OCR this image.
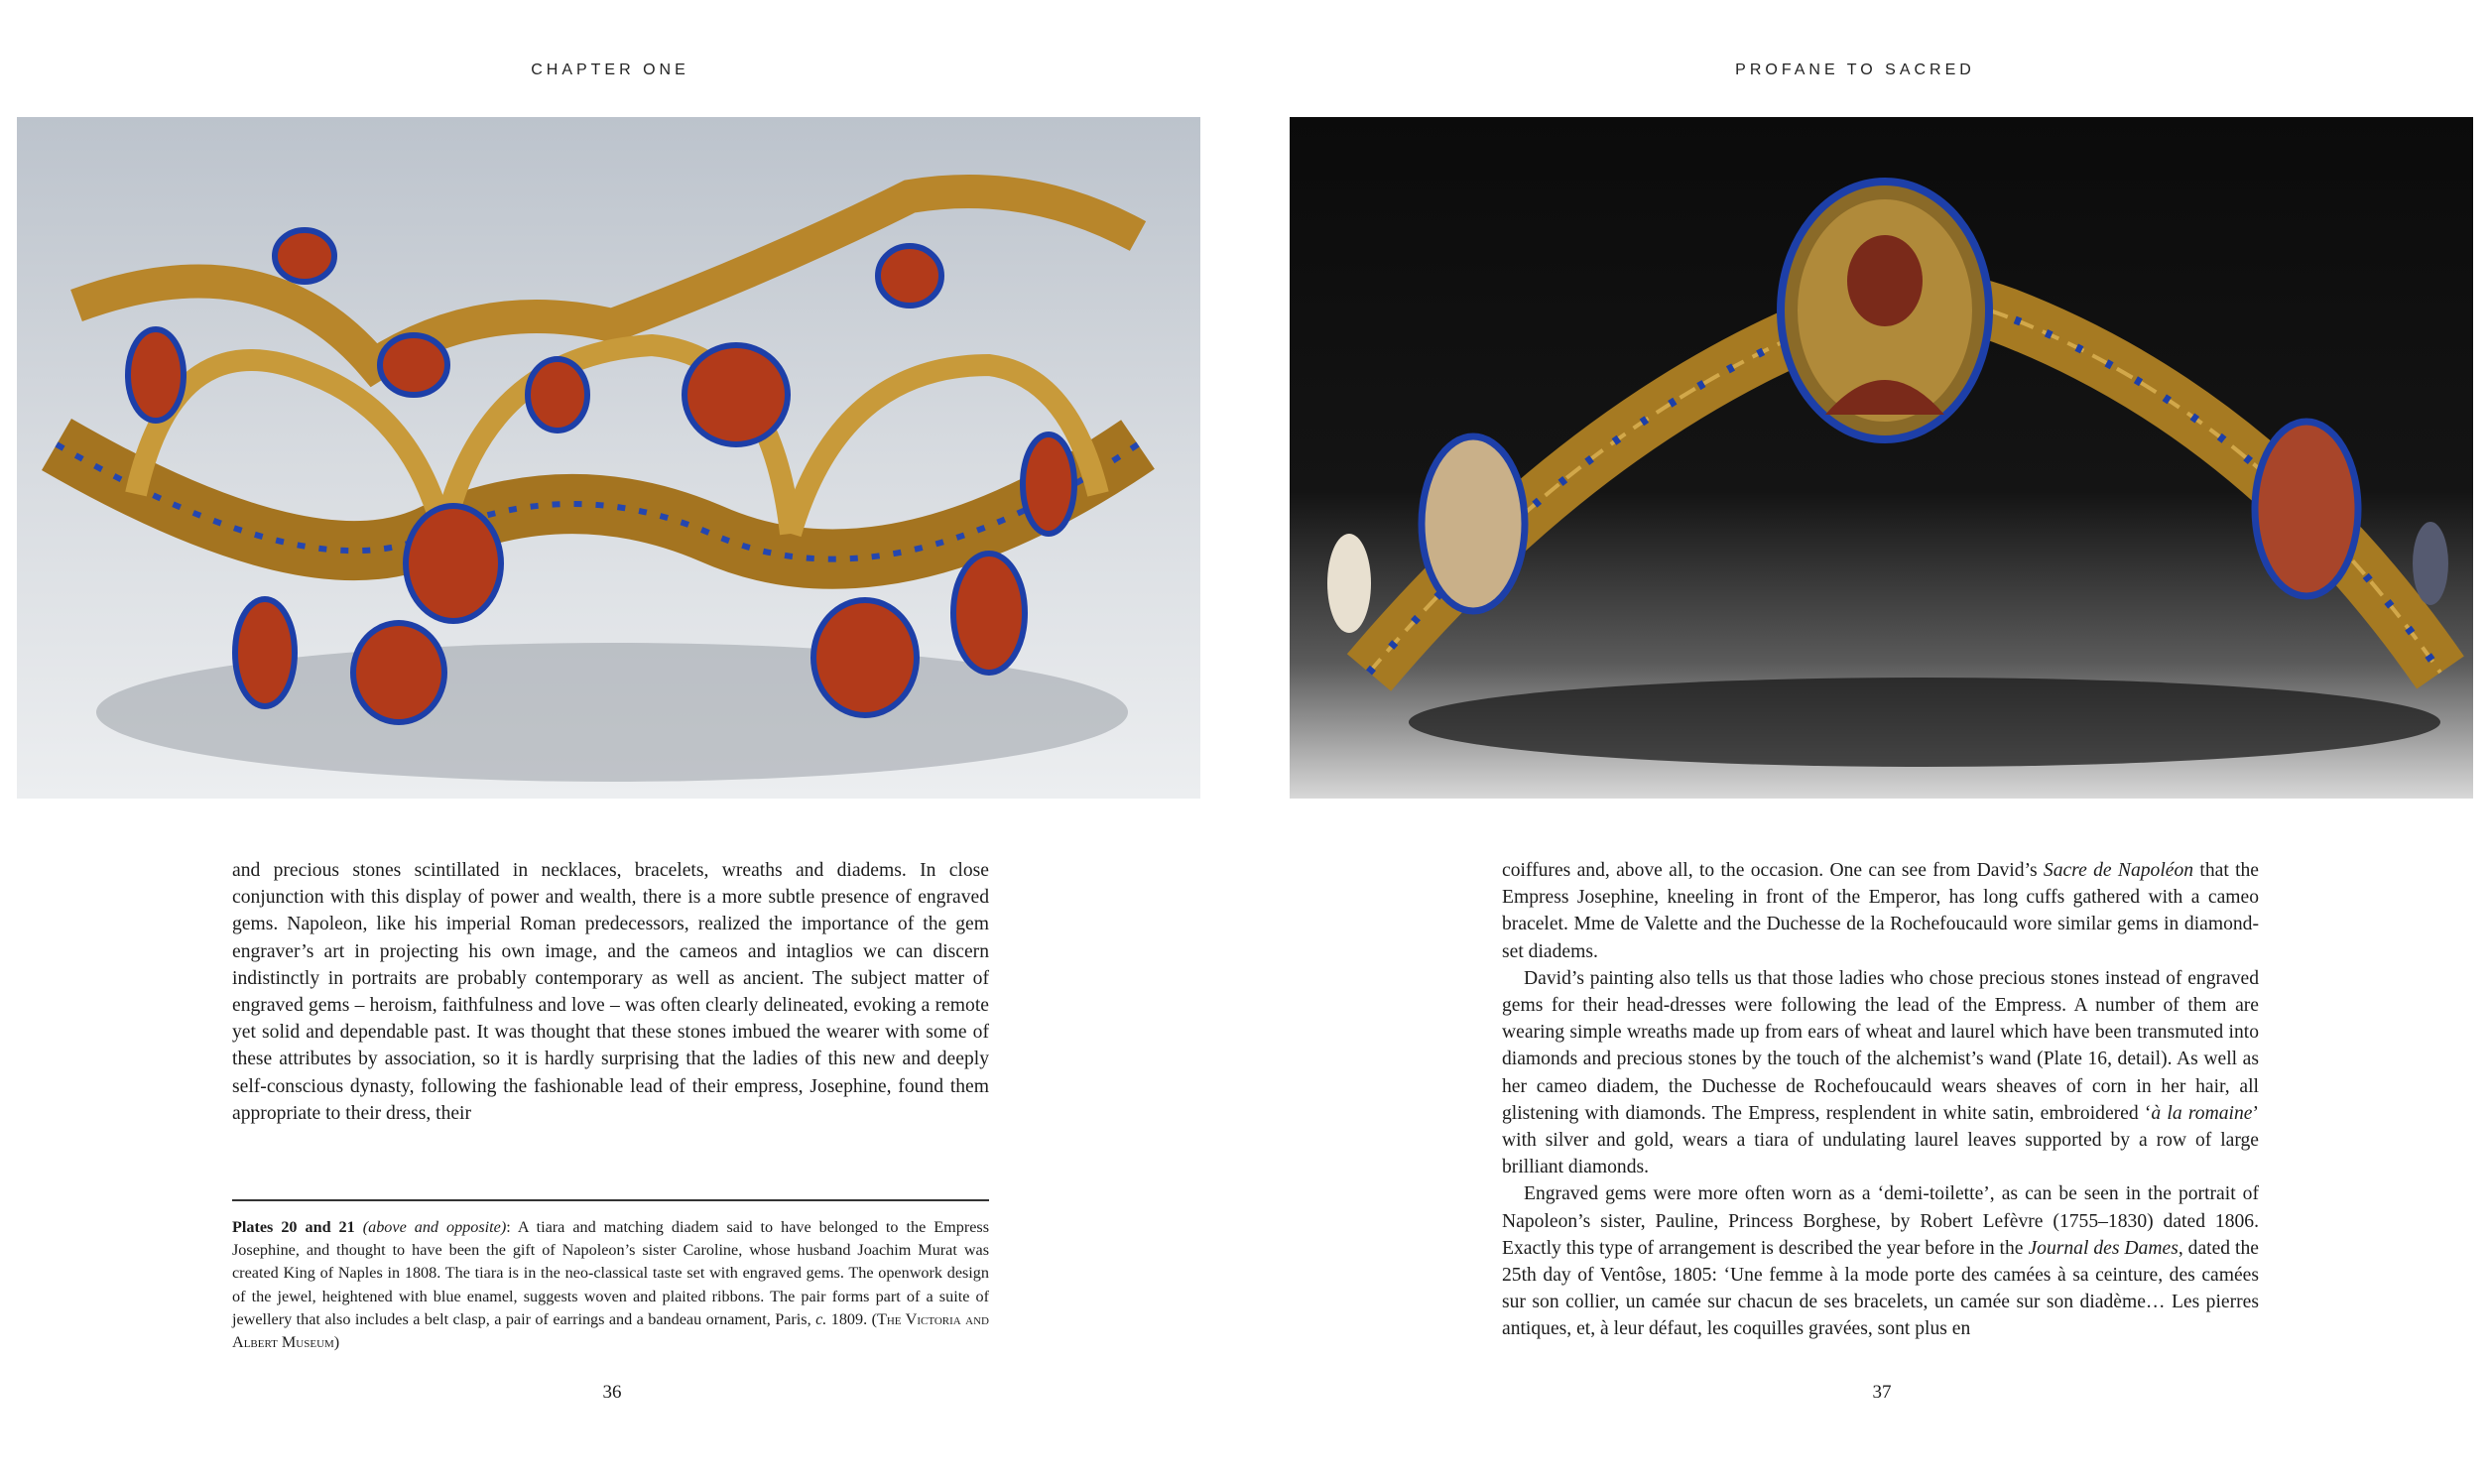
CHAPTER ONE

and precious stones scintillated in necklaces, bracelets, wreaths and diadems. In close conjunction with this display of power and wealth, there is a more subtle presence of engraved gems. Napoleon, like his imperial Roman predecessors, realized the importance of the gem engraver’s art in projecting his own image, and the cameos and intaglios we can discern indistinctly in portraits are probably contemporary as well as ancient. The subject matter of engraved gems – heroism, faithfulness and love – was often clearly delineated, evoking a remote yet solid and dependable past. It was thought that these stones imbued the wearer with some of these attributes by association, so it is hardly surprising that the ladies of this new and deeply self-conscious dynasty, following the fashionable lead of their empress, Josephine, found them appropriate to their dress, their

Plates 20 and 21 (above and opposite): A tiara and matching diadem said to have belonged to the Empress Josephine, and thought to have been the gift of Napoleon’s sister Caroline, whose husband Joachim Murat was created King of Naples in 1808. The tiara is in the neo-classical taste set with engraved gems. The openwork design of the jewel, heightened with blue enamel, suggests woven and plaited ribbons. The pair forms part of a suite of jewellery that also includes a belt clasp, a pair of earrings and a bandeau ornament, Paris, c. 1809. (The Victoria and Albert Museum)
36
PROFANE TO SACRED

coiffures and, above all, to the occasion. One can see from David’s Sacre de Napoléon that the Empress Josephine, kneeling in front of the Emperor, has long cuffs gathered with a cameo bracelet. Mme de Valette and the Duchesse de la Rochefoucauld wore similar gems in diamond-set diadems.

David’s painting also tells us that those ladies who chose precious stones instead of engraved gems for their head-dresses were following the lead of the Empress. A number of them are wearing simple wreaths made up from ears of wheat and laurel which have been transmuted into diamonds and precious stones by the touch of the alchemist’s wand (Plate 16, detail). As well as her cameo diadem, the Duchesse de Rochefoucauld wears sheaves of corn in her hair, all glistening with diamonds. The Empress, resplendent in white satin, embroidered ‘à la romaine’ with silver and gold, wears a tiara of undulating laurel leaves supported by a row of large brilliant diamonds.

Engraved gems were more often worn as a ‘demi-toilette’, as can be seen in the portrait of Napoleon’s sister, Pauline, Princess Borghese, by Robert Lefèvre (1755–1830) dated 1806. Exactly this type of arrangement is described the year before in the Journal des Dames, dated the 25th day of Ventôse, 1805: ‘Une femme à la mode porte des camées à sa ceinture, des camées sur son collier, un camée sur chacun de ses bracelets, un camée sur son diadème… Les pierres antiques, et, à leur défaut, les coquilles gravées, sont plus en

37
